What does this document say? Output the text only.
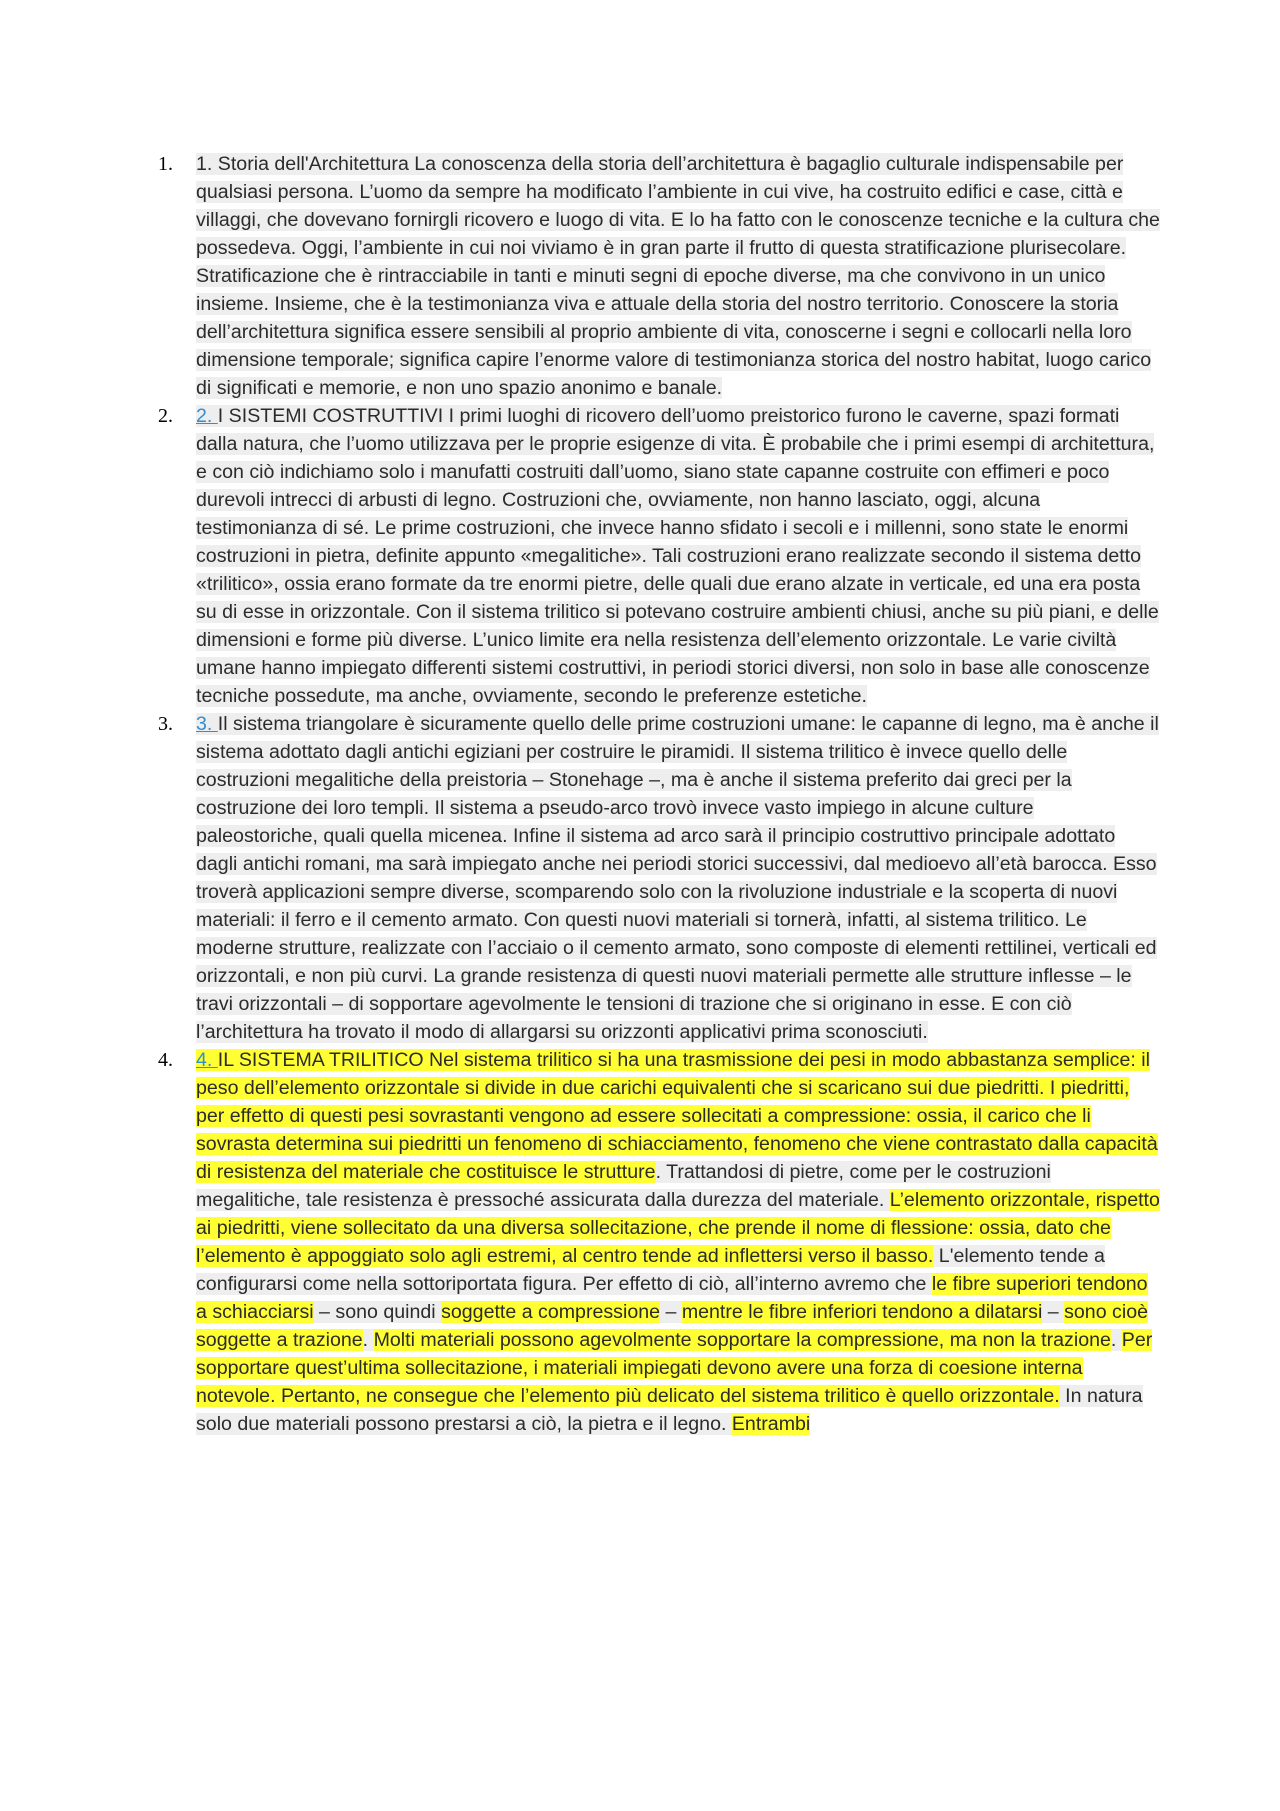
1. 1. Storia dell'Architettura La conoscenza della storia dell’architettura è bagaglio culturale indispensabile per qualsiasi persona. L’uomo da sempre ha modificato l’ambiente in cui vive, ha costruito edifici e case, città e villaggi, che dovevano fornirgli ricovero e luogo di vita. E lo ha fatto con le conoscenze tecniche e la cultura che possedeva. Oggi, l’ambiente in cui noi viviamo è in gran parte il frutto di questa stratificazione plurisecolare. Stratificazione che è rintracciabile in tanti e minuti segni di epoche diverse, ma che convivono in un unico insieme. Insieme, che è la testimonianza viva e attuale della storia del nostro territorio. Conoscere la storia dell’architettura significa essere sensibili al proprio ambiente di vita, conoscerne i segni e collocarli nella loro dimensione temporale; significa capire l’enorme valore di testimonianza storica del nostro habitat, luogo carico di significati e memorie, e non uno spazio anonimo e banale.

2. 2. I SISTEMI COSTRUTTIVI I primi luoghi di ricovero dell’uomo preistorico furono le caverne, spazi formati dalla natura, che l’uomo utilizzava per le proprie esigenze di vita. È probabile che i primi esempi di architettura, e con ciò indichiamo solo i manufatti costruiti dall’uomo, siano state capanne costruite con effimeri e poco durevoli intrecci di arbusti di legno. Costruzioni che, ovviamente, non hanno lasciato, oggi, alcuna testimonianza di sé. Le prime costruzioni, che invece hanno sfidato i secoli e i millenni, sono state le enormi costruzioni in pietra, definite appunto «megalitiche». Tali costruzioni erano realizzate secondo il sistema detto «trilitico», ossia erano formate da tre enormi pietre, delle quali due erano alzate in verticale, ed una era posta su di esse in orizzontale. Con il sistema trilitico si potevano costruire ambienti chiusi, anche su più piani, e delle dimensioni e forme più diverse. L’unico limite era nella resistenza dell’elemento orizzontale. Le varie civiltà umane hanno impiegato differenti sistemi costruttivi, in periodi storici diversi, non solo in base alle conoscenze tecniche possedute, ma anche, ovviamente, secondo le preferenze estetiche.

3. 3. Il sistema triangolare è sicuramente quello delle prime costruzioni umane: le capanne di legno, ma è anche il sistema adottato dagli antichi egiziani per costruire le piramidi. Il sistema trilitico è invece quello delle costruzioni megalitiche della preistoria – Stonehage –, ma è anche il sistema preferito dai greci per la costruzione dei loro templi. Il sistema a pseudo-arco trovò invece vasto impiego in alcune culture paleostoriche, quali quella micenea. Infine il sistema ad arco sarà il principio costruttivo principale adottato dagli antichi romani, ma sarà impiegato anche nei periodi storici successivi, dal medioevo all’età barocca. Esso troverà applicazioni sempre diverse, scomparendo solo con la rivoluzione industriale e la scoperta di nuovi materiali: il ferro e il cemento armato. Con questi nuovi materiali si tornerà, infatti, al sistema trilitico. Le moderne strutture, realizzate con l’acciaio o il cemento armato, sono composte di elementi rettilinei, verticali ed orizzontali, e non più curvi. La grande resistenza di questi nuovi materiali permette alle strutture inflesse – le travi orizzontali – di sopportare agevolmente le tensioni di trazione che si originano in esse. E con ciò l’architettura ha trovato il modo di allargarsi su orizzonti applicativi prima sconosciuti.

4. 4. IL SISTEMA TRILITICO Nel sistema trilitico si ha una trasmissione dei pesi in modo abbastanza semplice: il peso dell’elemento orizzontale si divide in due carichi equivalenti che si scaricano sui due piedritti. I piedritti, per effetto di questi pesi sovrastanti vengono ad essere sollecitati a compressione: ossia, il carico che li sovrasta determina sui piedritti un fenomeno di schiacciamento, fenomeno che viene contrastato dalla capacità di resistenza del materiale che costituisce le strutture. Trattandosi di pietre, come per le costruzioni megalitiche, tale resistenza è pressoché assicurata dalla durezza del materiale. L’elemento orizzontale, rispetto ai piedritti, viene sollecitato da una diversa sollecitazione, che prende il nome di flessione: ossia, dato che l’elemento è appoggiato solo agli estremi, al centro tende ad inflettersi verso il basso. L'elemento tende a configurarsi come nella sottoriportata figura. Per effetto di ciò, all’interno avremo che le fibre superiori tendono a schiacciarsi – sono quindi soggette a compressione – mentre le fibre inferiori tendono a dilatarsi – sono cioè soggette a trazione. Molti materiali possono agevolmente sopportare la compressione, ma non la trazione. Per sopportare quest’ultima sollecitazione, i materiali impiegati devono avere una forza di coesione interna notevole. Pertanto, ne consegue che l’elemento più delicato del sistema trilitico è quello orizzontale. In natura solo due materiali possono prestarsi a ciò, la pietra e il legno. Entrambi
